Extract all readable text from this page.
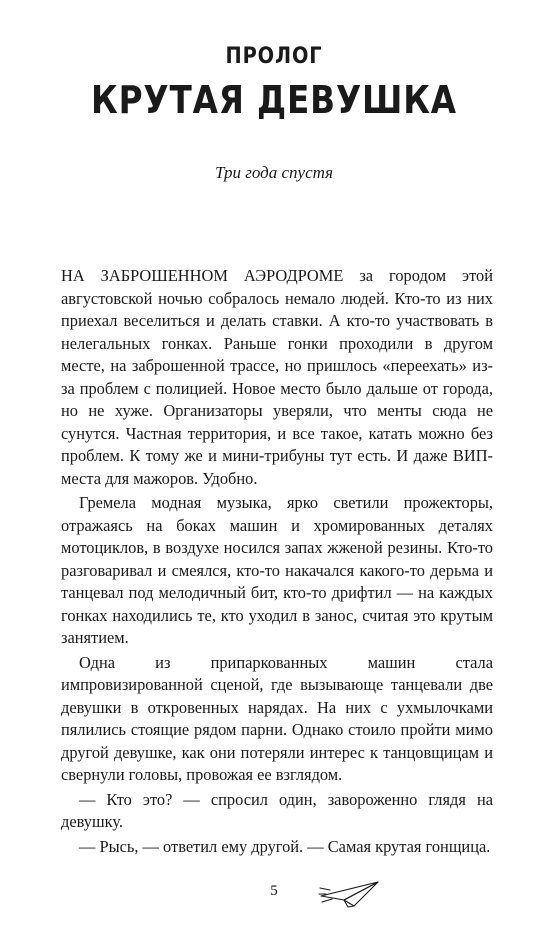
ПРОЛОГ
КРУТАЯ ДЕВУШКА
Три года спустя

НА ЗАБРОШЕННОМ АЭРОДРОМЕ за городом этой августовской ночью собралось немало людей. Кто-то из них приехал веселиться и делать ставки. А кто-то участвовать в нелегальных гонках. Раньше гонки проходили в другом месте, на заброшенной трассе, но пришлось «переехать» из-за проблем с полицией. Новое место было дальше от города, но не хуже. Организаторы уверяли, что менты сюда не сунутся. Частная территория, и все такое, катать можно без проблем. К тому же и мини-трибуны тут есть. И даже ВИП-места для мажоров. Удобно.

Гремела модная музыка, ярко светили прожекторы, отражаясь на боках машин и хромированных деталях мотоциклов, в воздухе носился запах жженой резины. Кто-то разговаривал и смеялся, кто-то накачался какого-то дерьма и танцевал под мелодичный бит, кто-то дрифтил — на каждых гонках находились те, кто уходил в занос, считая это крутым занятием.

Одна из припаркованных машин стала импровизированной сценой, где вызывающе танцевали две девушки в откровенных нарядах. На них с ухмылочками пялились стоящие рядом парни. Однако стоило пройти мимо другой девушке, как они потеряли интерес к танцовщицам и свернули головы, провожая ее взглядом.

— Кто это? — спросил один, завороженно глядя на девушку.

— Рысь, — ответил ему другой. — Самая крутая гонщица.

5
